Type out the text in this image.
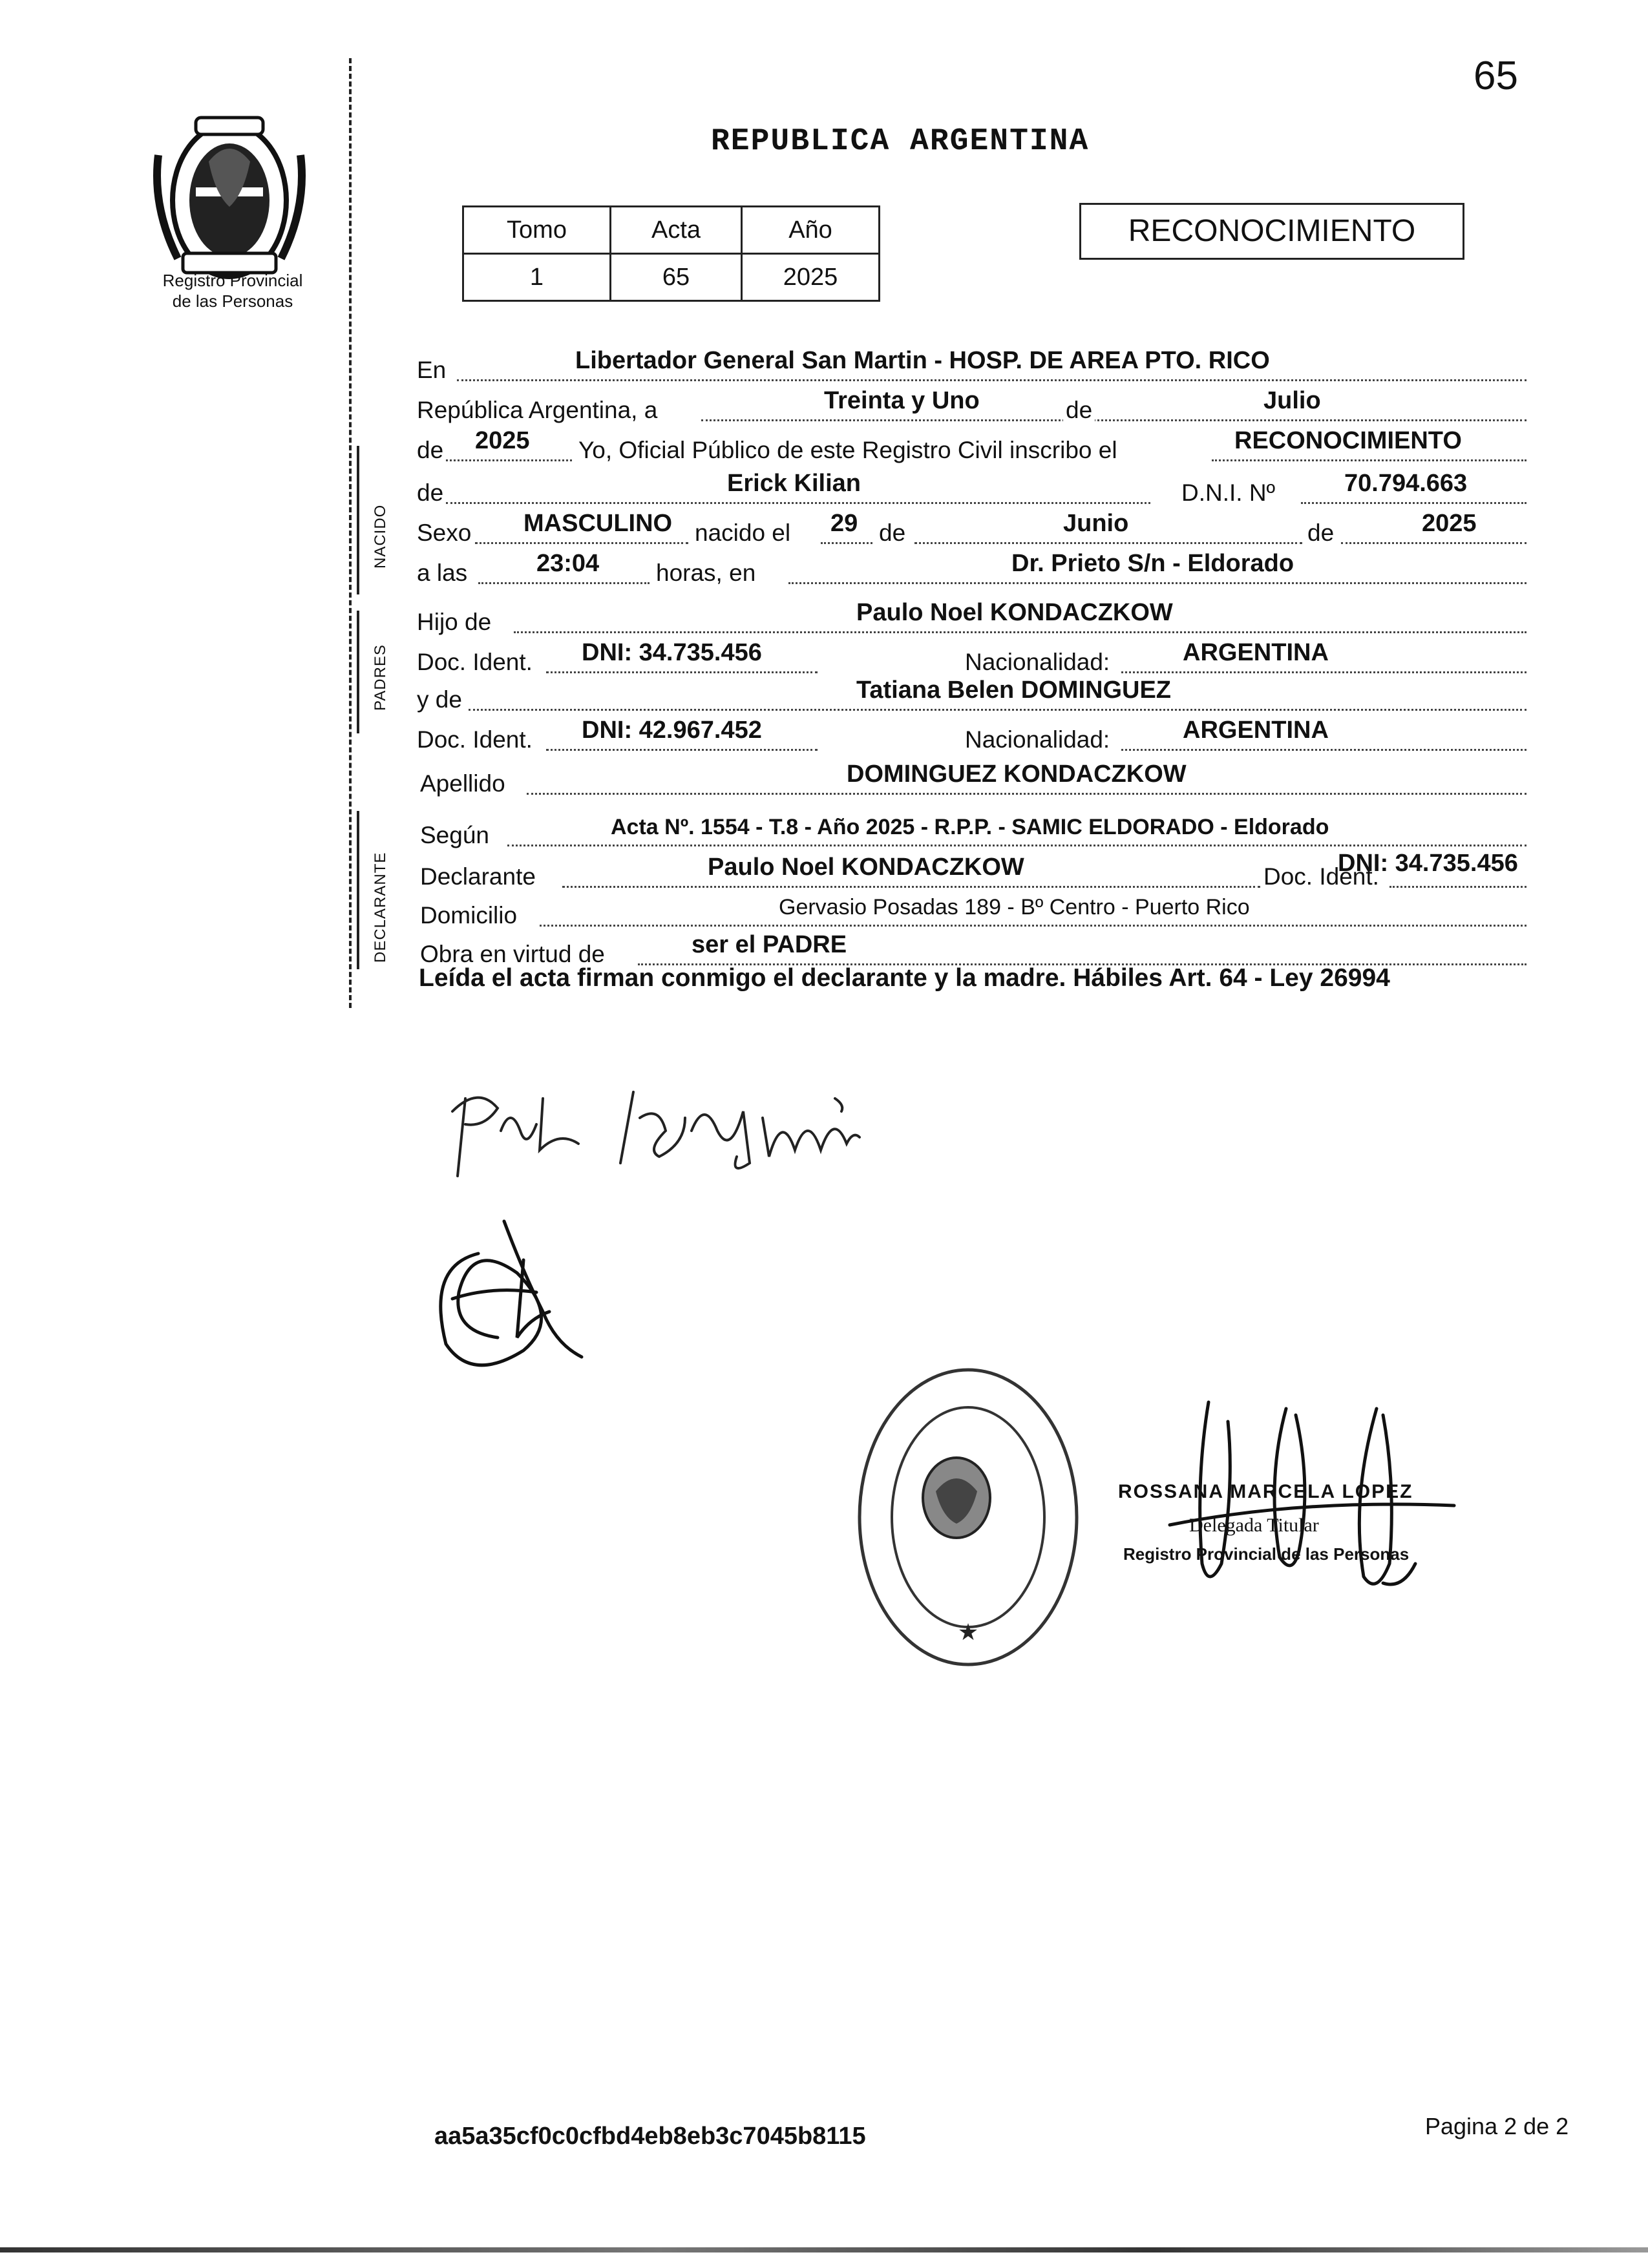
65
Registro Provincial
de las Personas
REPUBLICA ARGENTINA
Tomo	Acta	Año
1	65	2025
RECONOCIMIENTO
NACIDO
PADRES
DECLARANTE
En	Libertador General San Martin - HOSP. DE AREA PTO. RICO
República Argentina, a	Treinta y Uno	de	Julio
de 2025 Yo, Oficial Público de este Registro Civil inscribo el	RECONOCIMIENTO
de	Erick Kilian	D.N.I. Nº	70.794.663
Sexo MASCULINO nacido el 29 de	Junio	de	2025
a las	23:04 horas, en	Dr. Prieto S/n - Eldorado
Hijo de	Paulo Noel KONDACZKOW
Doc. Ident. DNI: 34.735.456	Nacionalidad:	ARGENTINA
y de	Tatiana Belen DOMINGUEZ
Doc. Ident. DNI: 42.967.452	Nacionalidad:	ARGENTINA
Apellido	DOMINGUEZ KONDACZKOW
Según	Acta Nº. 1554 - T.8 - Año 2025 - R.P.P. - SAMIC ELDORADO - Eldorado
Declarante	Paulo Noel KONDACZKOW	Doc. Ident.
DNI: 34.735.456
Domicilio	Gervasio Posadas 189 - Bº Centro - Puerto Rico
Obra en virtud de	ser el PADRE
Leída el acta firman conmigo el declarante y la madre. Hábiles Art. 64 - Ley 26994
★
ROSSANA MARCELA LOPEZ
Delegada Titular
Registro Provincial de las Personas
aa5a35cf0c0cfbd4eb8eb3c7045b8115	Pagina 2 de 2
